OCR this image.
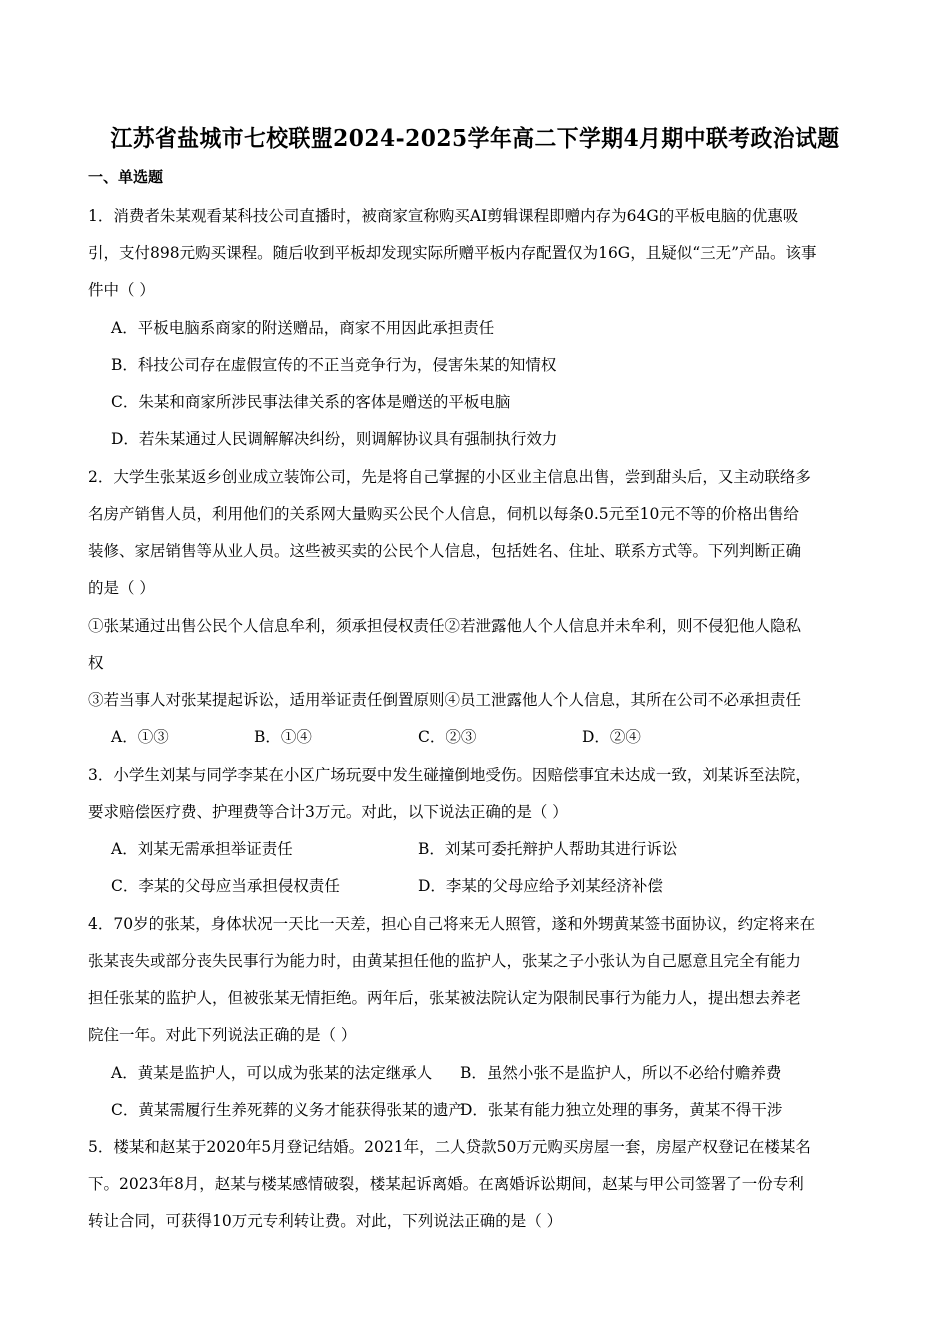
江苏省盐城市七校联盟2024-2025学年高二下学期4月期中联考政治试题
一、单选题
1．消费者朱某观看某科技公司直播时，被商家宣称购买AI剪辑课程即赠内存为64G的平板电脑的优惠吸
引，支付898元购买课程。随后收到平板却发现实际所赠平板内存配置仅为16G，且疑似“三无”产品。该事
件中（ ）
A．平板电脑系商家的附送赠品，商家不用因此承担责任
B．科技公司存在虚假宣传的不正当竞争行为，侵害朱某的知情权
C．朱某和商家所涉民事法律关系的客体是赠送的平板电脑
D．若朱某通过人民调解解决纠纷，则调解协议具有强制执行效力
2．大学生张某返乡创业成立装饰公司，先是将自己掌握的小区业主信息出售，尝到甜头后，又主动联络多
名房产销售人员，利用他们的关系网大量购买公民个人信息，伺机以每条0.5元至10元不等的价格出售给
装修、家居销售等从业人员。这些被买卖的公民个人信息，包括姓名、住址、联系方式等。下列判断正确
的是（ ）
①张某通过出售公民个人信息牟利，须承担侵权责任②若泄露他人个人信息并未牟利，则不侵犯他人隐私
权
③若当事人对张某提起诉讼，适用举证责任倒置原则④员工泄露他人个人信息，其所在公司不必承担责任
A．①③	B．①④	C．②③	D．②④
3．小学生刘某与同学李某在小区广场玩耍中发生碰撞倒地受伤。因赔偿事宜未达成一致，刘某诉至法院，
要求赔偿医疗费、护理费等合计3万元。对此，以下说法正确的是（ ）
A．刘某无需承担举证责任	B．刘某可委托辩护人帮助其进行诉讼
C．李某的父母应当承担侵权责任	D．李某的父母应给予刘某经济补偿
4．70岁的张某，身体状况一天比一天差，担心自己将来无人照管，遂和外甥黄某签书面协议，约定将来在
张某丧失或部分丧失民事行为能力时，由黄某担任他的监护人，张某之子小张认为自己愿意且完全有能力
担任张某的监护人，但被张某无情拒绝。两年后，张某被法院认定为限制民事行为能力人，提出想去养老
院住一年。对此下列说法正确的是（ ）
A．黄某是监护人，可以成为张某的法定继承人 B．虽然小张不是监护人，所以不必给付赡养费
C．黄某需履行生养死葬的义务才能获得张某的遗产
D．张某有能力独立处理的事务，黄某不得干涉
5．楼某和赵某于2020年5月登记结婚。2021年，二人贷款50万元购买房屋一套，房屋产权登记在楼某名
下。2023年8月，赵某与楼某感情破裂，楼某起诉离婚。在离婚诉讼期间，赵某与甲公司签署了一份专利
转让合同，可获得10万元专利转让费。对此，下列说法正确的是（ ）
